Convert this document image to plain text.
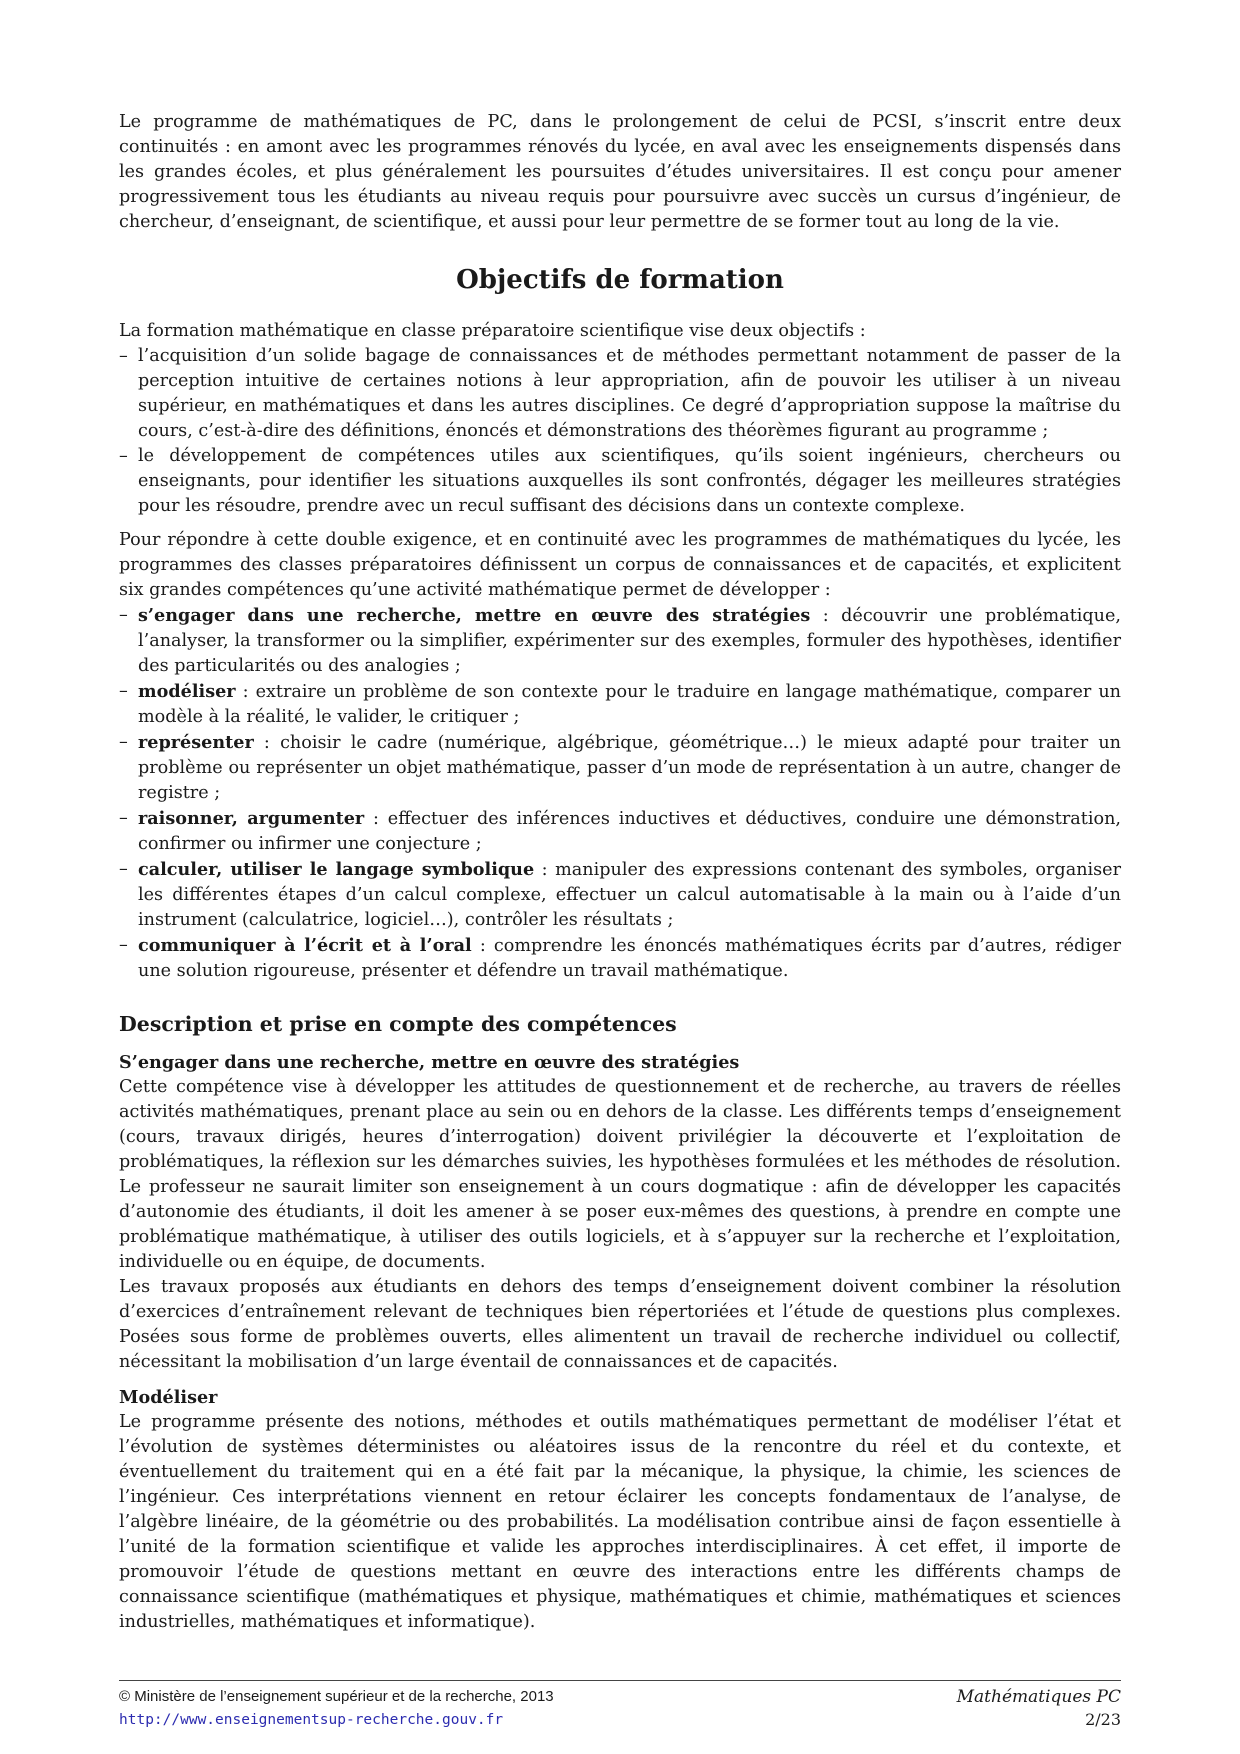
Le programme de mathématiques de PC, dans le prolongement de celui de PCSI, s’inscrit entre deux continuités : en amont avec les programmes rénovés du lycée, en aval avec les enseignements dispensés dans les grandes écoles, et plus généralement les poursuites d’études universitaires. Il est conçu pour amener progressivement tous les étudiants au niveau requis pour poursuivre avec succès un cursus d’ingénieur, de chercheur, d’enseignant, de scientifique, et aussi pour leur permettre de se former tout au long de la vie.

Objectifs de formation

La formation mathématique en classe préparatoire scientifique vise deux objectifs :

– l’acquisition d’un solide bagage de connaissances et de méthodes permettant notamment de passer de la perception intuitive de certaines notions à leur appropriation, afin de pouvoir les utiliser à un niveau supérieur, en mathématiques et dans les autres disciplines. Ce degré d’appropriation suppose la maîtrise du cours, c’est-à-dire des définitions, énoncés et démonstrations des théorèmes figurant au programme ;
– le développement de compétences utiles aux scientifiques, qu’ils soient ingénieurs, chercheurs ou enseignants, pour identifier les situations auxquelles ils sont confrontés, dégager les meilleures stratégies pour les résoudre, prendre avec un recul suffisant des décisions dans un contexte complexe.

Pour répondre à cette double exigence, et en continuité avec les programmes de mathématiques du lycée, les programmes des classes préparatoires définissent un corpus de connaissances et de capacités, et explicitent six grandes compétences qu’une activité mathématique permet de développer :

– s’engager dans une recherche, mettre en œuvre des stratégies : découvrir une problématique, l’analyser, la transformer ou la simplifier, expérimenter sur des exemples, formuler des hypothèses, identifier des particularités ou des analogies ;
– modéliser : extraire un problème de son contexte pour le traduire en langage mathématique, comparer un modèle à la réalité, le valider, le critiquer ;
– représenter : choisir le cadre (numérique, algébrique, géométrique…) le mieux adapté pour traiter un problème ou représenter un objet mathématique, passer d’un mode de représentation à un autre, changer de registre ;
– raisonner, argumenter : effectuer des inférences inductives et déductives, conduire une démonstration, confirmer ou infirmer une conjecture ;
– calculer, utiliser le langage symbolique : manipuler des expressions contenant des symboles, organiser les différentes étapes d’un calcul complexe, effectuer un calcul automatisable à la main ou à l’aide d’un instrument (calculatrice, logiciel…), contrôler les résultats ;
– communiquer à l’écrit et à l’oral : comprendre les énoncés mathématiques écrits par d’autres, rédiger une solution rigoureuse, présenter et défendre un travail mathématique.
Description et prise en compte des compétences
S’engager dans une recherche, mettre en œuvre des stratégies

Cette compétence vise à développer les attitudes de questionnement et de recherche, au travers de réelles activités mathématiques, prenant place au sein ou en dehors de la classe. Les différents temps d’enseignement (cours, travaux dirigés, heures d’interrogation) doivent privilégier la découverte et l’exploitation de problématiques, la réflexion sur les démarches suivies, les hypothèses formulées et les méthodes de résolution. Le professeur ne saurait limiter son enseignement à un cours dogmatique : afin de développer les capacités d’autonomie des étudiants, il doit les amener à se poser eux-mêmes des questions, à prendre en compte une problématique mathématique, à utiliser des outils logiciels, et à s’appuyer sur la recherche et l’exploitation, individuelle ou en équipe, de documents.

Les travaux proposés aux étudiants en dehors des temps d’enseignement doivent combiner la résolution d’exercices d’entraînement relevant de techniques bien répertoriées et l’étude de questions plus complexes. Posées sous forme de problèmes ouverts, elles alimentent un travail de recherche individuel ou collectif, nécessitant la mobilisation d’un large éventail de connaissances et de capacités.

Modéliser

Le programme présente des notions, méthodes et outils mathématiques permettant de modéliser l’état et l’évolution de systèmes déterministes ou aléatoires issus de la rencontre du réel et du contexte, et éventuellement du traitement qui en a été fait par la mécanique, la physique, la chimie, les sciences de l’ingénieur. Ces interprétations viennent en retour éclairer les concepts fondamentaux de l’analyse, de l’algèbre linéaire, de la géométrie ou des probabilités. La modélisation contribue ainsi de façon essentielle à l’unité de la formation scientifique et valide les approches interdisciplinaires. À cet effet, il importe de promouvoir l’étude de questions mettant en œuvre des interactions entre les différents champs de connaissance scientifique (mathématiques et physique, mathématiques et chimie, mathématiques et sciences industrielles, mathématiques et informatique).

© Ministère de l’enseignement supérieur et de la recherche, 2013	Mathématiques PC
http://www.enseignementsup-recherche.gouv.fr	2/23
